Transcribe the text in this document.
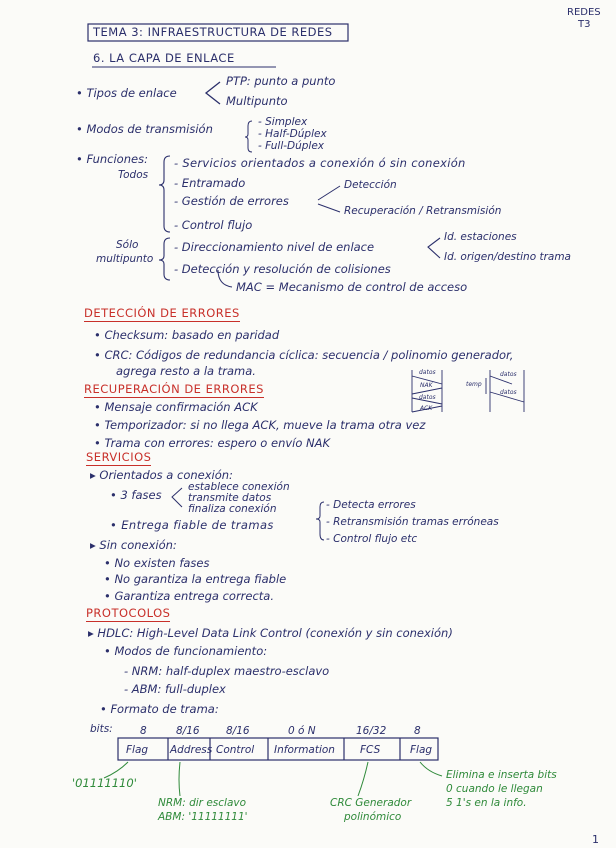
REDES
T3
TEMA 3: INFRAESTRUCTURA DE REDES
6. LA CAPA DE ENLACE
• Tipos de enlace
PTP: punto a punto
Multipunto
• Modos de transmisión	- Simplex
- Half-Dúplex
- Full-Dúplex
• Funciones:
Todos
- Servicios orientados a conexión ó sin conexión
- Entramado
- Gestión de errores
Detección
Recuperación / Retransmisión
- Control flujo
Sólo
multipunto
- Direccionamiento nivel de enlace
Id. estaciones
Id. origen/destino trama
- Detección y resolución de colisiones
MAC = Mecanismo de control de acceso
DETECCIÓN DE ERRORES
• Checksum: basado en paridad
• CRC: Códigos de redundancia cíclica: secuencia / polinomio generador,
agrega resto a la trama.
RECUPERACIÓN DE ERRORES
• Mensaje confirmación ACK
• Temporizador: si no llega ACK, mueve la trama otra vez
• Trama con errores: espero o envío NAK
datos
NAK
datos
ACK
datos
temp
datos
SERVICIOS
▸ Orientados a conexión:
• 3 fases
establece conexión
transmite datos
finaliza conexión
• Entrega fiable de tramas
- Detecta errores
- Retransmisión tramas erróneas
- Control flujo etc
▸ Sin conexión:
• No existen fases
• No garantiza la entrega fiable
• Garantiza entrega correcta.
PROTOCOLOS
▸ HDLC: High-Level Data Link Control (conexión y sin conexión)
• Modos de funcionamiento:
- NRM: half-duplex maestro-esclavo
- ABM: full-duplex
• Formato de trama:
bits:	8	8/16	8/16	0 ó N	16/32	8
Flag Address Control Information FCS	Flag
'01111110'
NRM: dir esclavo
ABM: '11111111'
CRC Generador
polinómico
Elimina e inserta bits
0 cuando le llegan
5 1's en la info.
1
